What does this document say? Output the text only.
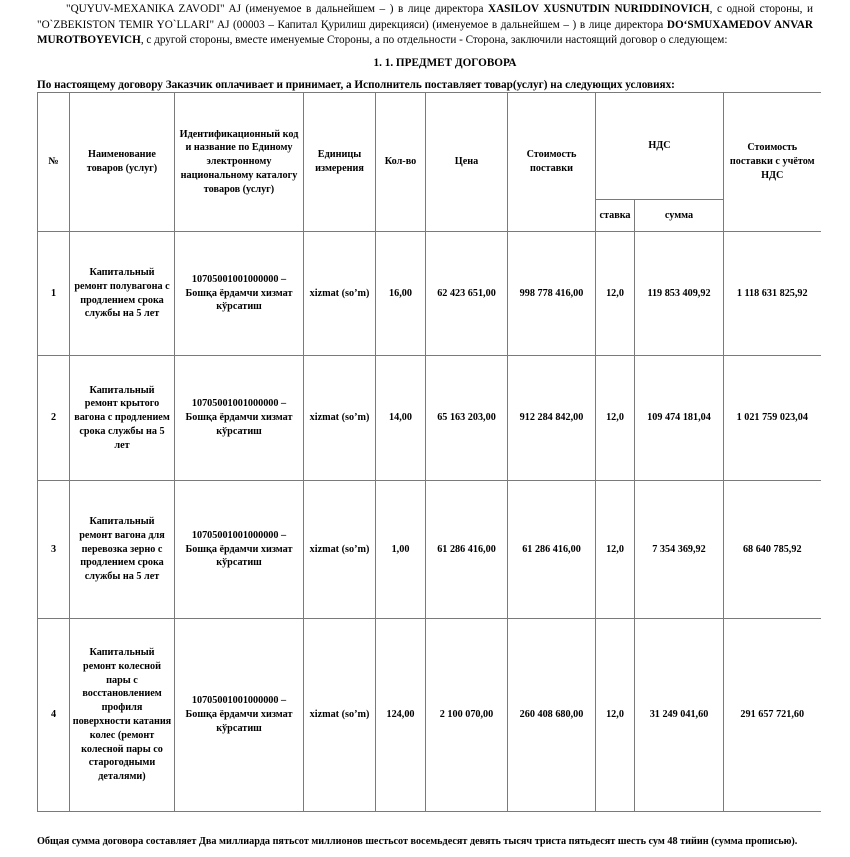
"QUYUV-MEXANIKA ZAVODI" AJ (именуемое в дальнейшем – ) в лице директора XASILOV XUSNUTDIN NURIDDINOVICH, с одной стороны, и "O`ZBEKISTON TEMIR YO`LLARI" AJ (00003 – Капитал Қурилиш дирекцияси) (именуемое в дальнейшем – ) в лице директора DO‘SMUXAMEDOV ANVAR MUROTBOYEVICH, с другой стороны, вместе именуемые Стороны, а по отдельности - Сторона, заключили настоящий договор о следующем:
1. 1. ПРЕДМЕТ ДОГОВОРА
По настоящему договору Заказчик оплачивает и принимает, а Исполнитель поставляет товар(услуг) на следующих условиях:
№	Наименование товаров (услуг)	Идентификационный код и название по Единому электронному национальному каталогу товаров (услуг)	Единицы измерения	Кол-во	Цена	Стоимость поставки	НДС		Стоимость поставки с учётом НДС
							ставка	сумма	
1	Капитальный ремонт полувагона с продлением срока службы на 5 лет	10705001001000000 – Бошқа ёрдамчи хизмат кўрсатиш	xizmat (so’m)	16,00	62 423 651,00	998 778 416,00	12,0	119 853 409,92	1 118 631 825,92
2	Капитальный ремонт крытого вагона с продлением срока службы на 5 лет	10705001001000000 – Бошқа ёрдамчи хизмат кўрсатиш	xizmat (so’m)	14,00	65 163 203,00	912 284 842,00	12,0	109 474 181,04	1 021 759 023,04
3	Капитальный ремонт вагона для перевозка зерно с продлением срока службы на 5 лет	10705001001000000 – Бошқа ёрдамчи хизмат кўрсатиш	xizmat (so’m)	1,00	61 286 416,00	61 286 416,00	12,0	7 354 369,92	68 640 785,92
4	Капитальный ремонт колесной пары с восстановлением профиля поверхности катания колес (ремонт колесной пары со старогодными деталями)	10705001001000000 – Бошқа ёрдамчи хизмат кўрсатиш	xizmat (so’m)	124,00	2 100 070,00	260 408 680,00	12,0	31 249 041,60	291 657 721,60
Общая сумма договора составляет Два миллиарда пятьсот миллионов шестьсот восемьдесят девять тысяч триста пятьдесят шесть сум 48 тийин (сумма прописью).
